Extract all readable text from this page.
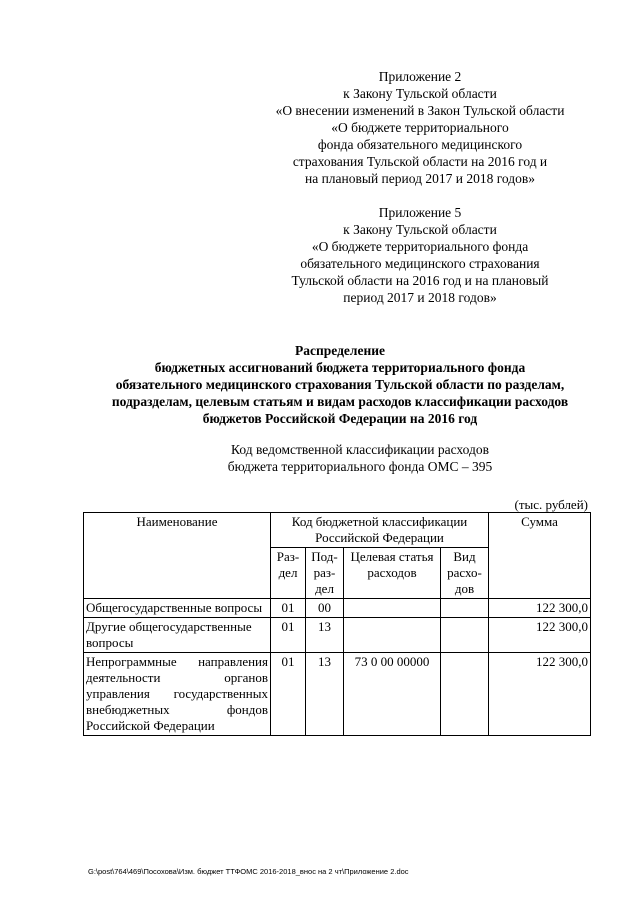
Приложение 2
к Закону Тульской области
«О внесении изменений в Закон Тульской области
«О бюджете территориального
фонда обязательного медицинского
страхования Тульской области на 2016 год и
на плановый период 2017 и 2018 годов»
Приложение 5
к Закону Тульской области
«О бюджете территориального фонда
обязательного медицинского страхования
Тульской области на 2016 год и на плановый
период 2017 и 2018 годов»
Распределение
бюджетных ассигнований бюджета территориального фонда
обязательного медицинского страхования Тульской области по разделам,
подразделам, целевым статьям и видам расходов классификации расходов
бюджетов Российской Федерации на 2016 год
Код ведомственной классификации расходов
бюджета территориального фонда ОМС – 395
(тыс. рублей)
Наименование	Код бюджетной классификации Российской Федерации				Сумма
	Раз-дел	Под-раз-дел	Целевая статья расходов	Вид расхо-дов	
Общегосударственные вопросы	01	00			122 300,0
Другие общегосударственные вопросы	01	13			122 300,0
Непрограммные направления деятельности органов управления государственных внебюджетных фондов Российской Федерации	01	13	73 0 00 00000		122 300,0
G:\post\764\469\Посохова\Изм. бюджет ТТФОМС 2016-2018_внос на 2 чт\Приложение 2.doc
